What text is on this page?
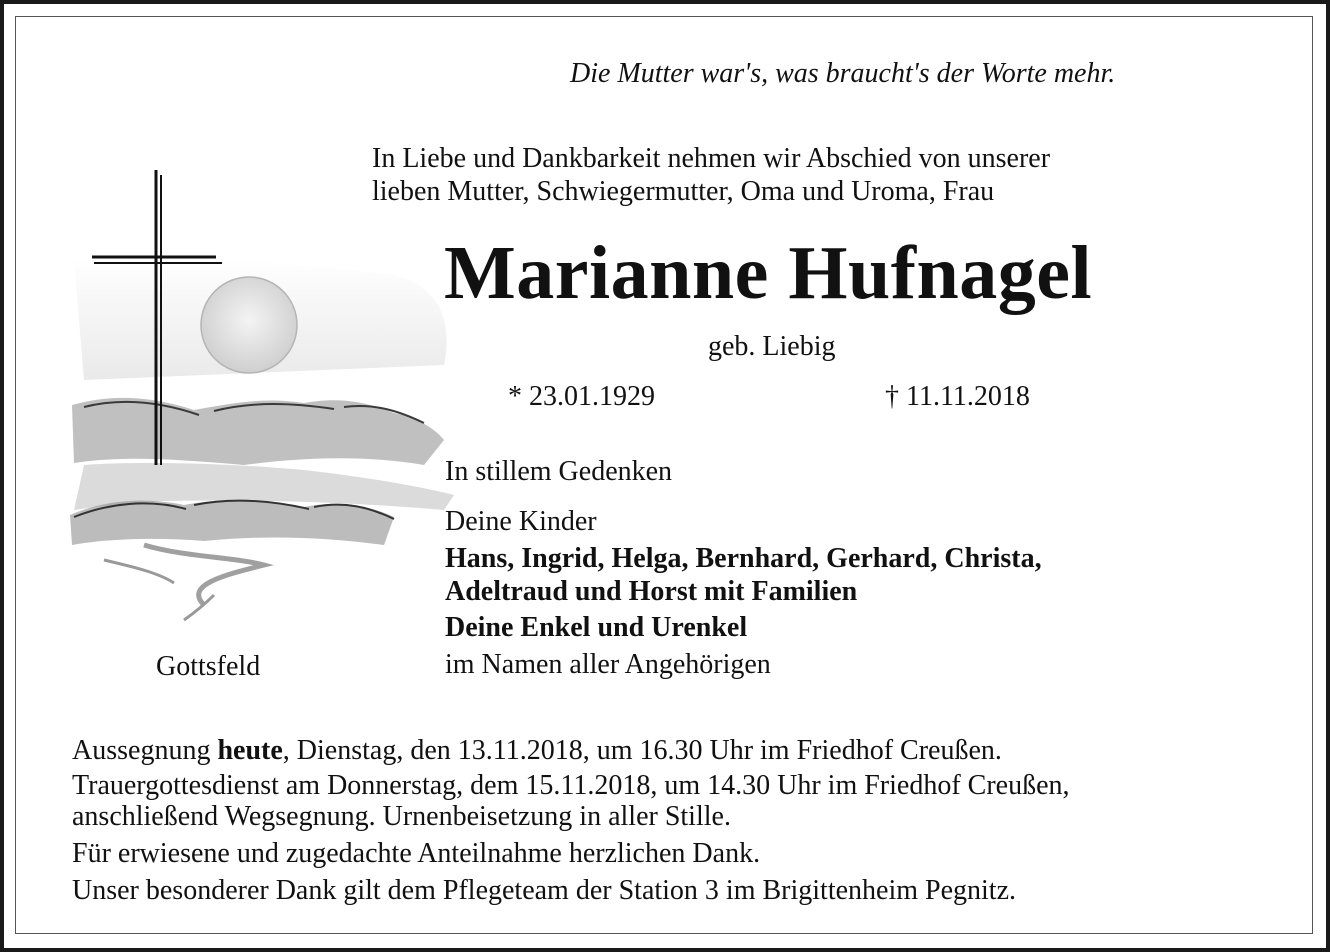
Die Mutter war's, was braucht's der Worte mehr.
In Liebe und Dankbarkeit nehmen wir Abschied von unserer
lieben Mutter, Schwiegermutter, Oma und Uroma, Frau
Marianne Hufnagel
geb. Liebig
* 23.01.1929	† 11.11.2018
In stillem Gedenken
Deine Kinder
Hans, Ingrid, Helga, Bernhard, Gerhard, Christa,
Adeltraud und Horst mit Familien
Deine Enkel und Urenkel
im Namen aller Angehörigen
Gottsfeld

Aussegnung heute, Dienstag, den 13.11.2018, um 16.30 Uhr im Friedhof Creußen.

Trauergottesdienst am Donnerstag, dem 15.11.2018, um 14.30 Uhr im Friedhof Creußen,

anschließend Wegsegnung. Urnenbeisetzung in aller Stille.

Für erwiesene und zugedachte Anteilnahme herzlichen Dank.

Unser besonderer Dank gilt dem Pflegeteam der Station 3 im Brigittenheim Pegnitz.
